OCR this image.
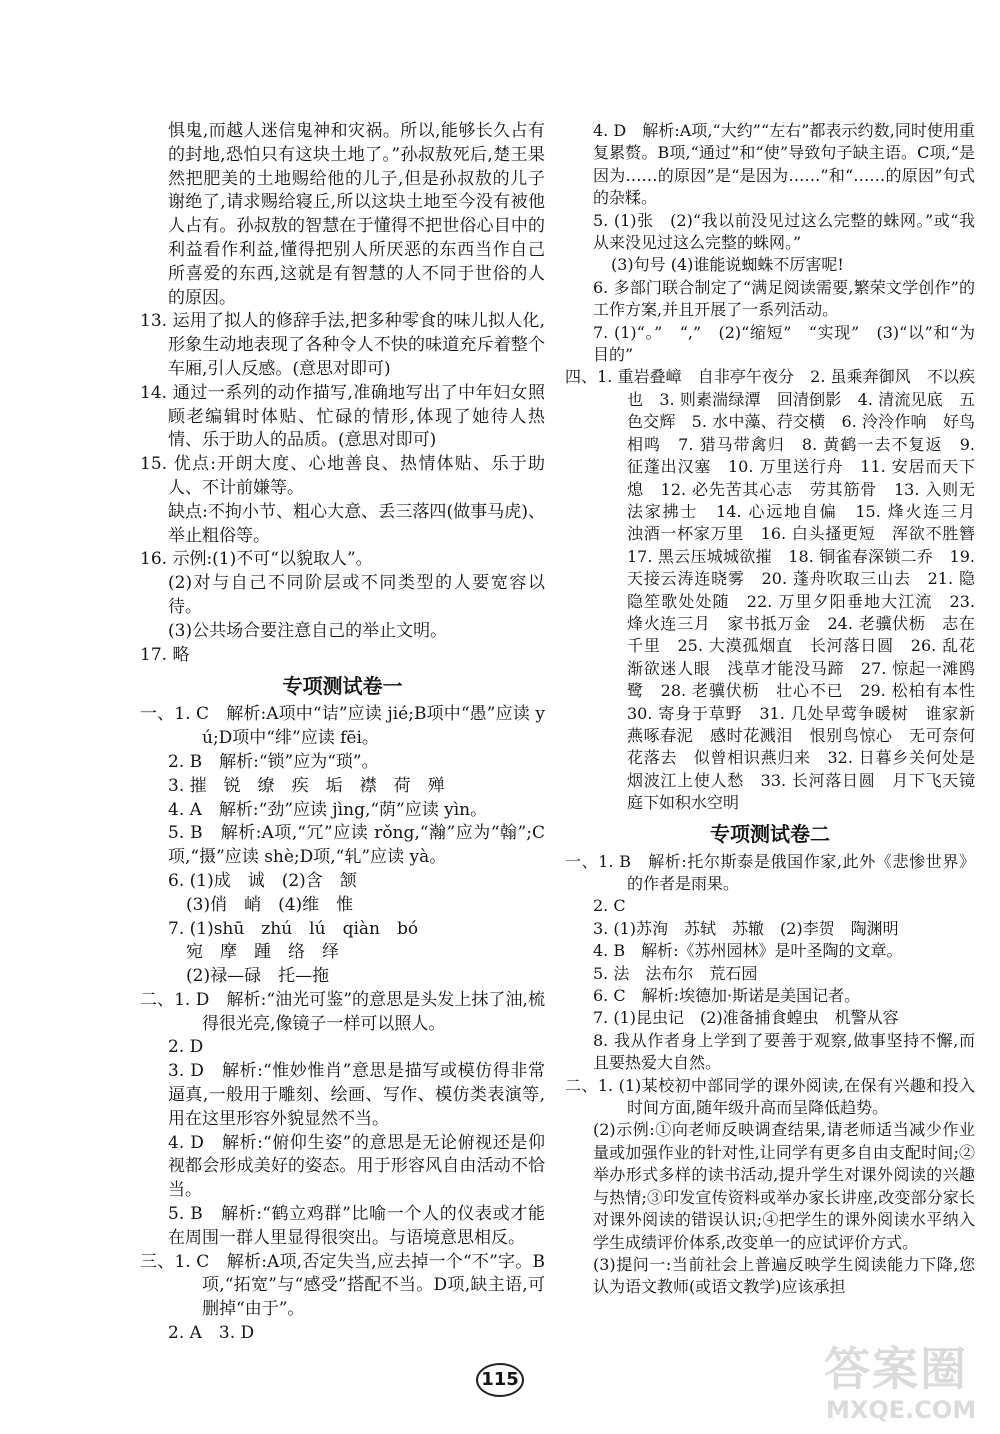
惧鬼,而越人迷信鬼神和灾祸。所以,能够长久占有的封地,恐怕只有这块土地了。”孙叔敖死后,楚王果然把肥美的土地赐给他的儿子,但是孙叔敖的儿子谢绝了,请求赐给寝丘,所以这块土地至今没有被他人占有。孙叔敖的智慧在于懂得不把世俗心目中的利益看作利益,懂得把别人所厌恶的东西当作自己所喜爱的东西,这就是有智慧的人不同于世俗的人的原因。

13. 运用了拟人的修辞手法,把多种零食的味儿拟人化,形象生动地表现了各种令人不快的味道充斥着整个车厢,引人反感。(意思对即可)

14. 通过一系列的动作描写,准确地写出了中年妇女照顾老编辑时体贴、忙碌的情形,体现了她待人热情、乐于助人的品质。(意思对即可)

15. 优点:开朗大度、心地善良、热情体贴、乐于助人、不计前嫌等。

缺点:不拘小节、粗心大意、丢三落四(做事马虎)、举止粗俗等。

16. 示例:(1)不可“以貌取人”。

(2)对与自己不同阶层或不同类型的人要宽容以待。

(3)公共场合要注意自己的举止文明。

17. 略

专项测试卷一

一、1. C　解析:A项中“诘”应读 jié;B项中“愚”应读 yú;D项中“绯”应读 fēi。

2. B　解析:“锁”应为“琐”。

3. 摧　锐　缭　疾　垢　襟　荷　殚

4. A　解析:“劲”应读 jìng,“荫”应读 yìn。

5. B　解析:A项,“冗”应读 rǒng,“瀚”应为“翰”;C项,“摄”应读 shè;D项,“轧”应读 yà。

6. (1)成　诚　(2)含　颔

(3)俏　峭　(4)维　惟

7. (1)shū　zhú　lú　qiàn　bó

宛　摩　踵　络　绎

(2)禄—碌　托—拖

二、1. D　解析:“油光可鉴”的意思是头发上抹了油,梳得很光亮,像镜子一样可以照人。

2. D

3. D　解析:“惟妙惟肖”意思是描写或模仿得非常逼真,一般用于雕刻、绘画、写作、模仿类表演等,用在这里形容外貌显然不当。

4. D　解析:“俯仰生姿”的意思是无论俯视还是仰视都会形成美好的姿态。用于形容风自由活动不恰当。

5. B　解析:“鹤立鸡群”比喻一个人的仪表或才能在周围一群人里显得很突出。与语境意思相反。

三、1. C　解析:A项,否定失当,应去掉一个“不”字。B项,“拓宽”与“感受”搭配不当。D项,缺主语,可删掉“由于”。

2. A　3. D

4. D　解析:A项,“大约”“左右”都表示约数,同时使用重复累赘。B项,“通过”和“使”导致句子缺主语。C项,“是因为……的原因”是“是因为……”和“……的原因”句式的杂糅。

5. (1)张　(2)“我以前没见过这么完整的蛛网。”或“我从来没见过这么完整的蛛网。”

(3)句号 (4)谁能说蜘蛛不厉害呢!

6. 多部门联合制定了“满足阅读需要,繁荣文学创作”的工作方案,并且开展了一系列活动。

7. (1)“。”　“,”　(2)“缩短”　“实现”　(3)“以”和“为目的”

四、1. 重岩叠嶂　自非亭午夜分　2. 虽乘奔御风　不以疾也　3. 则素湍绿潭　回清倒影　4. 清流见底　五色交辉　5. 水中藻、荇交横　6. 泠泠作响　好鸟相鸣　7. 猎马带禽归　8. 黄鹤一去不复返　9. 征蓬出汉塞　10. 万里送行舟　11. 安居而天下熄　12. 必先苦其心志　劳其筋骨　13. 入则无法家拂士　14. 心远地自偏　15. 烽火连三月　浊酒一杯家万里　16. 白头搔更短　浑欲不胜簪　17. 黑云压城城欲摧　18. 铜雀春深锁二乔　19. 天接云涛连晓雾　20. 蓬舟吹取三山去　21. 隐隐笙歌处处随　22. 万里夕阳垂地大江流　23. 烽火连三月　家书抵万金　24. 老骥伏枥　志在千里　25. 大漠孤烟直　长河落日圆　26. 乱花渐欲迷人眼　浅草才能没马蹄　27. 惊起一滩鸥鹭　28. 老骥伏枥　壮心不已　29. 松柏有本性　30. 寄身于草野　31. 几处早莺争暖树　谁家新燕啄春泥　感时花溅泪　恨别鸟惊心　无可奈何花落去　似曾相识燕归来　32. 日暮乡关何处是　烟波江上使人愁　33. 长河落日圆　月下飞天镜　庭下如积水空明

专项测试卷二

一、1. B　解析:托尔斯泰是俄国作家,此外《悲惨世界》的作者是雨果。

2. C

3. (1)苏洵　苏轼　苏辙　(2)李贺　陶渊明

4. B　解析:《苏州园林》是叶圣陶的文章。

5. 法　法布尔　荒石园

6. C　解析:埃德加·斯诺是美国记者。

7. (1)昆虫记　(2)准备捕食蝗虫　机警从容

8. 我从作者身上学到了要善于观察,做事坚持不懈,而且要热爱大自然。

二、1. (1)某校初中部同学的课外阅读,在保有兴趣和投入时间方面,随年级升高而呈降低趋势。

(2)示例:①向老师反映调查结果,请老师适当减少作业量或加强作业的针对性,让同学有更多自由支配时间;②举办形式多样的读书活动,提升学生对课外阅读的兴趣与热情;③印发宣传资料或举办家长讲座,改变部分家长对课外阅读的错误认识;④把学生的课外阅读水平纳入学生成绩评价体系,改变单一的应试评价方式。

(3)提问一:当前社会上普遍反映学生阅读能力下降,您认为语文教师(或语文教学)应该承担

115	答案圈
MXQE.COM
